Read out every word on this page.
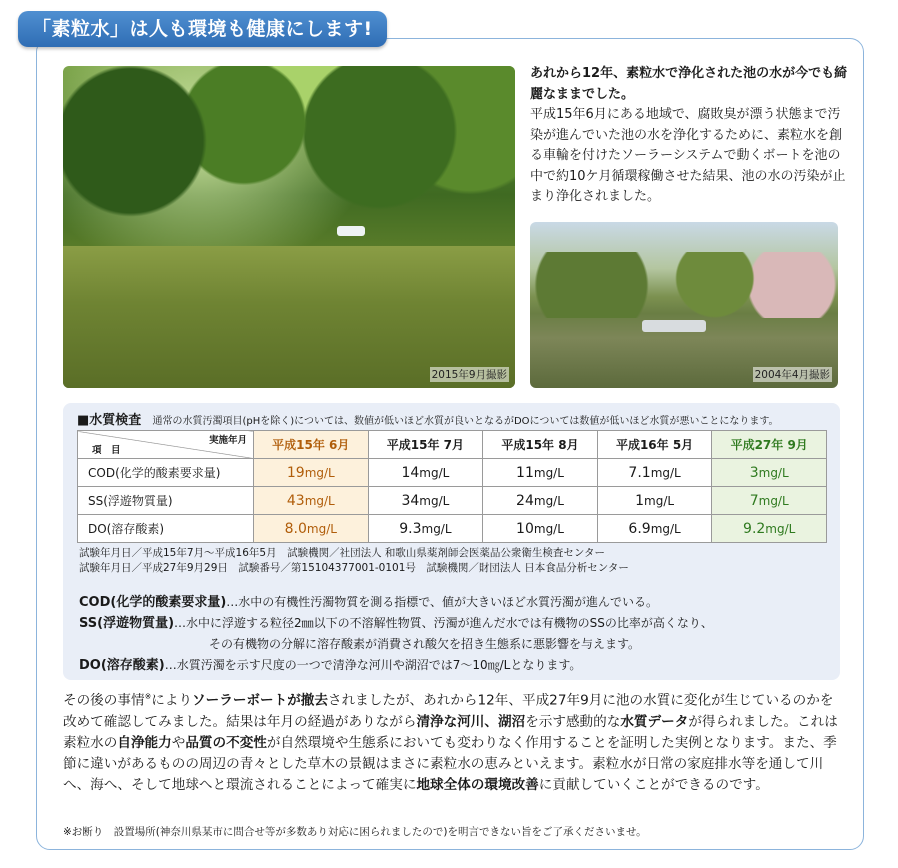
「素粒水」は人も環境も健康にします!
2015年9月撮影
あれから12年、素粒水で浄化された池の水が今でも綺麗なままでした。
平成15年6月にある地域で、腐敗臭が漂う状態まで汚染が進んでいた池の水を浄化するために、素粒水を創る車輪を付けたソーラーシステムで動くボートを池の中で約10ケ月循環稼働させた結果、池の水の汚染が止まり浄化されました。
2004年4月撮影
■水質検査 通常の水質汚濁項目(pHを除く)については、数値が低いほど水質が良いとなるがDOについては数値が低いほど水質が悪いことになります。
実施年月
項　目	平成15年 6月	平成15年 7月	平成15年 8月	平成16年 5月	平成27年 9月
COD(化学的酸素要求量)	19mg/L	14mg/L	11mg/L	7.1mg/L	3mg/L
SS(浮遊物質量)	43mg/L	34mg/L	24mg/L	1mg/L	7mg/L
DO(溶存酸素)	8.0mg/L	9.3mg/L	10mg/L	6.9mg/L	9.2mg/L
試験年月日／平成15年7月～平成16年5月　試験機関／社団法人 和歌山県薬剤師会医薬品公衆衛生検査センター
試験年月日／平成27年9月29日　試験番号／第15104377001-0101号　試験機関／財団法人 日本食品分析センター
COD(化学的酸素要求量)…水中の有機性汚濁物質を測る指標で、値が大きいほど水質汚濁が進んでいる。
SS(浮遊物質量)…水中に浮遊する粒径2㎜以下の不溶解性物質、汚濁が進んだ水では有機物のSSの比率が高くなり、
その有機物の分解に溶存酸素が消費され酸欠を招き生態系に悪影響を与えます。
DO(溶存酸素)…水質汚濁を示す尺度の一つで清浄な河川や湖沼では7～10㎎/Lとなります。
その後の事情※によりソーラーボートが撤去されましたが、あれから12年、平成27年9月に池の水質に変化が生じているのかを改めて確認してみました。結果は年月の経過がありながら清浄な河川、湖沼を示す感動的な水質データが得られました。これは素粒水の自浄能力や品質の不変性が自然環境や生態系においても変わりなく作用することを証明した実例となります。また、季節に違いがあるものの周辺の青々とした草木の景観はまさに素粒水の恵みといえます。素粒水が日常の家庭排水等を通して川へ、海へ、そして地球へと環流されることによって確実に地球全体の環境改善に貢献していくことができるのです。
※お断り　設置場所(神奈川県某市に問合せ等が多数あり対応に困られましたので)を明言できない旨をご了承くださいませ。
